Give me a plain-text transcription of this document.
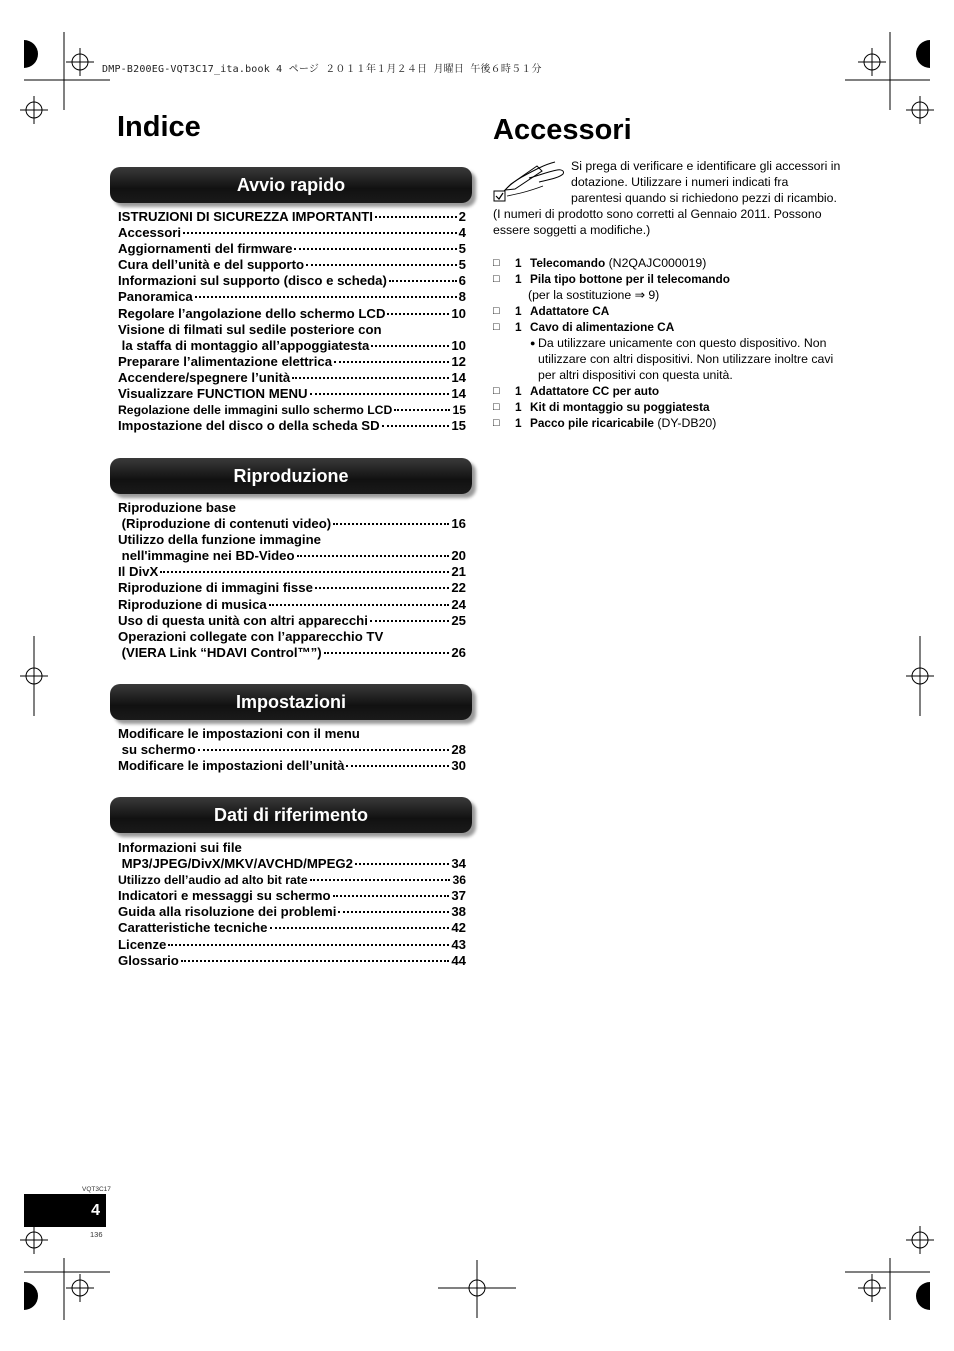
DMP-B200EG-VQT3C17_ita.book 4 ページ ２０１１年１月２４日 月曜日 午後６時５１分
Indice
Avvio rapido
ISTRUZIONI DI SICUREZZA IMPORTANTI	2
Accessori	4
Aggiornamenti del firmware	5
Cura dell’unità e del supporto	5
Informazioni sul supporto (disco e scheda)	6
Panoramica	8
Regolare l’angolazione dello schermo LCD	10
Visione di filmati sul sedile posteriore con
la staffa di montaggio all’appoggiatesta	10
Preparare l’alimentazione elettrica	12
Accendere/spegnere l’unità	14
Visualizzare FUNCTION MENU	14
Regolazione delle immagini sullo schermo LCD	15
Impostazione del disco o della scheda SD	15
Riproduzione
Riproduzione base
(Riproduzione di contenuti video)	16
Utilizzo della funzione immagine
nell'immagine nei BD-Video	20
Il DivX	21
Riproduzione di immagini fisse	22
Riproduzione di musica	24
Uso di questa unità con altri apparecchi	25
Operazioni collegate con l’apparecchio TV
(VIERA Link “HDAVI Control™”)	26
Impostazioni
Modificare le impostazioni con il menu
su schermo	28
Modificare le impostazioni dell’unità	30
Dati di riferimento
Informazioni sui file
MP3/JPEG/DivX/MKV/AVCHD/MPEG2	34
Utilizzo dell’audio ad alto bit rate	36
Indicatori e messaggi su schermo	37
Guida alla risoluzione dei problemi	38
Caratteristiche tecniche	42
Licenze	43
Glossario	44
Accessori
Si prega di verificare e identificare gli accessori in
dotazione. Utilizzare i numeri indicati fra
parentesi quando si richiedono pezzi di ricambio.
(I numeri di prodotto sono corretti al Gennaio 2011. Possono
essere soggetti a modifiche.)
□	1 Telecomando (N2QAJC000019)
□	1 Pila tipo bottone per il telecomando
(per la sostituzione ⇒ 9)
□	1 Adattatore CA
□	1 Cavo di alimentazione CA
● Da utilizzare unicamente con questo dispositivo. Non
utilizzare con altri dispositivi. Non utilizzare inoltre cavi
per altri dispositivi con questa unità.
□	1 Adattatore CC per auto
□	1 Kit di montaggio su poggiatesta
□	1 Pacco pile ricaricabile (DY-DB20)
VQT3C17
4
136
